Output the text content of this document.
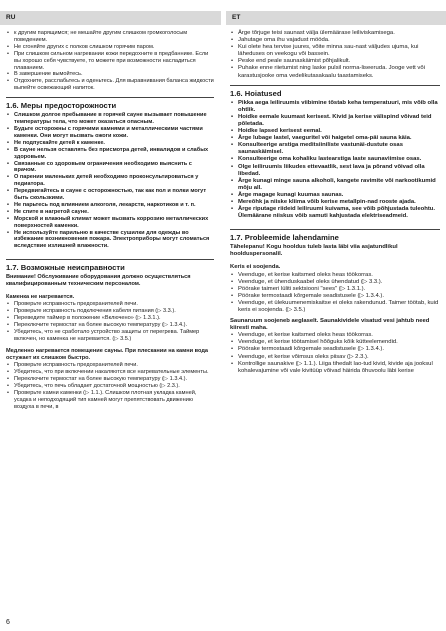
RU	ET
• к другим парящимся; не мешайте другим слишком громкоголосым поведением.
• Не сгоняйте других с полков слишком горячим паром.
• При слишком сильном нагревании кожи передохните в предбаннике. Если вы хорошо себя чувствуете, то можете при возможности насладиться плаванием.
• В завершение вымойтесь.
• Отдохните, расслабьтесь и оденьтесь. Для выравнивания баланса жидкости выпейте освежающий напиток.
1.6. Меры предосторожности
• Слишком долгое пребывание в горячей сауне вызывает повышение температуры тела, что может оказаться опасным.
• Будьте осторожны с горячими камнями и металлическими частями каменки. Они могут вызвать ожоги кожи.
• Не подпускайте детей к каменке.
• В сауне нельзя оставлять без присмотра детей, инвалидов и слабых здоровьем.
• Связанные со здоровьем ограничения необходимо выяснить с врачом.
• О парении маленьких детей необходимо проконсультироваться у педиатора.
• Передвигайтесь в сауне с осторожностью, так как пол и полки могут быть скользкими.
• Не парьтесь под влиянием алкоголя, лекарств, наркотиков и т. п.
• Не спите в нагретой сауне.
• Морской и влажный климат может вызвать коррозию металлических поверхностей каменки.
• Не используйте парильню в качестве сушилки для одежды во избежание возникновения пожара. Электроприборы могут сломаться вследствие излишней влажности.
1.7. Возможные неисправности

Внимание! Обслуживание оборудования должно осуществляться квалифицированным техническим персоналом.

Каменка не нагревается.

• Проверьте исправность предохранителей печи.
• Проверьте исправность подключения кабеля питания (▷ 3.3.).
• Переведите таймер в положение «Включено» (▷ 1.3.1.).
• Переключите термостат на более высокую температуру (▷ 1.3.4.).
• Убедитесь, что не сработало устройство защиты от перегрева. Таймер включен, но каменка не нагревается. (▷ 3.5.)

Медленно нагревается помещение сауны. При плескании на камни вода остужает их слишком быстро.

• Проверьте исправность предохранителей печи.
• Убедитесь, что при включении накаляются все нагревательные элементы.
• Переключите термостат на более высокую температуру (▷ 1.3.4.).
• Убедитесь, что печь обладает достаточной мощностью (▷ 2.3.).
• Проверьте камни каменки (▷ 1.1.). Слишком плотная укладка камней, усадка и неподходящий тип камней могут препятствовать движению воздуха в печи, в
• Ärge tõrjuge teisi saunast välja ülemäärase leiliviskamisega.
• Jahutage oma ihu vajadust mööda.
• Kui olete hea tervise juures, võite minna sau-nast väljudes ujuma, kui läheduses on veekogu või bassein.
• Peske end peale saunaskäimist põhjalikult.
• Puhake enne riietumist ning laske pulsil norma-liseeruda. Jooge vett või karastusjooke oma vedelikutasakaalu taastamiseks.
1.6. Hoiatused
• Pikka aega leiliruumis viibimine tõstab keha temperatuuri, mis võib olla ohtlik.
• Hoidke eemale kuumast kerisest. Kivid ja kerise välispind võivad teid põletada.
• Hoidke lapsed kerisest eemal.
• Ärge lubage lastel, vaeguritel või haigetel oma-päi sauna käia.
• Konsulteerige arstiga meditsiiniliste vastunäi-dustute osas saunaskäimisel.
• Konsulteerige oma kohaliku lastearstiga laste saunavìimise osas.
• Olge leiliruumis liikudes ettevaatlik, sest lava ja põrand võivad olla libedad.
• Ärge kunagi minge sauna alkoholi, kangete ravimite või narkootikumid mõju all.
• Ärge magage kunagi kuumas saunas.
• Mereõhk ja niiske kliima võib kerise metallpin-nad rooste ajada.
• Ärge riputage riideid leiliruumi kuivama, see võib põhjustada tuleohtu. Ülemäärane niiskus võib samuti kahjustada elektriseadmeid.
1.7. Probleemide lahendamine

Tähelepanu! Kogu hooldus tuleb lasta läbi viia asjatundlikul hoolduspersonalil.

Keris ei soojenda.

• Veenduge, et kerise kaitsmed oleks heas töökorras.
• Veenduge, et ühenduskaabel oleks ühendatud (▷ 3.3.).
• Pöörake taimeri lüliti sektsiooni "sees" (▷ 1.3.1.).
• Pöörake termostaadi kõrgemale seadistusele (▷ 1.3.4.).
• Veenduge, et ülekuumenemiskaitse ei oleks rakendunud. Taimer töötab, kuid keris ei soojenda. (▷ 3.5.)

Saunaruum soojeneb aeglaselt. Saunakividele visatud vesi jahtub need kiiresti maha.

• Veenduge, et kerise kaitsmed oleks heas töökorras.
• Veenduge, et kerise töötamisel hõõguks kõik küttеelemendid.
• Pöörake termostaadi kõrgemale seadistusele (▷ 1.3.4.).
• Veenduge, et kerise võimsus oleks piisav (▷ 2.3.).
• Kontrollige saunakive (▷ 1.1.). Liiga tihedalt lao-tud kivid, kivide aja jooksul kohalevajumine või vale kivitüüp võivad häirida õhuvoolu läbi kerise
6
